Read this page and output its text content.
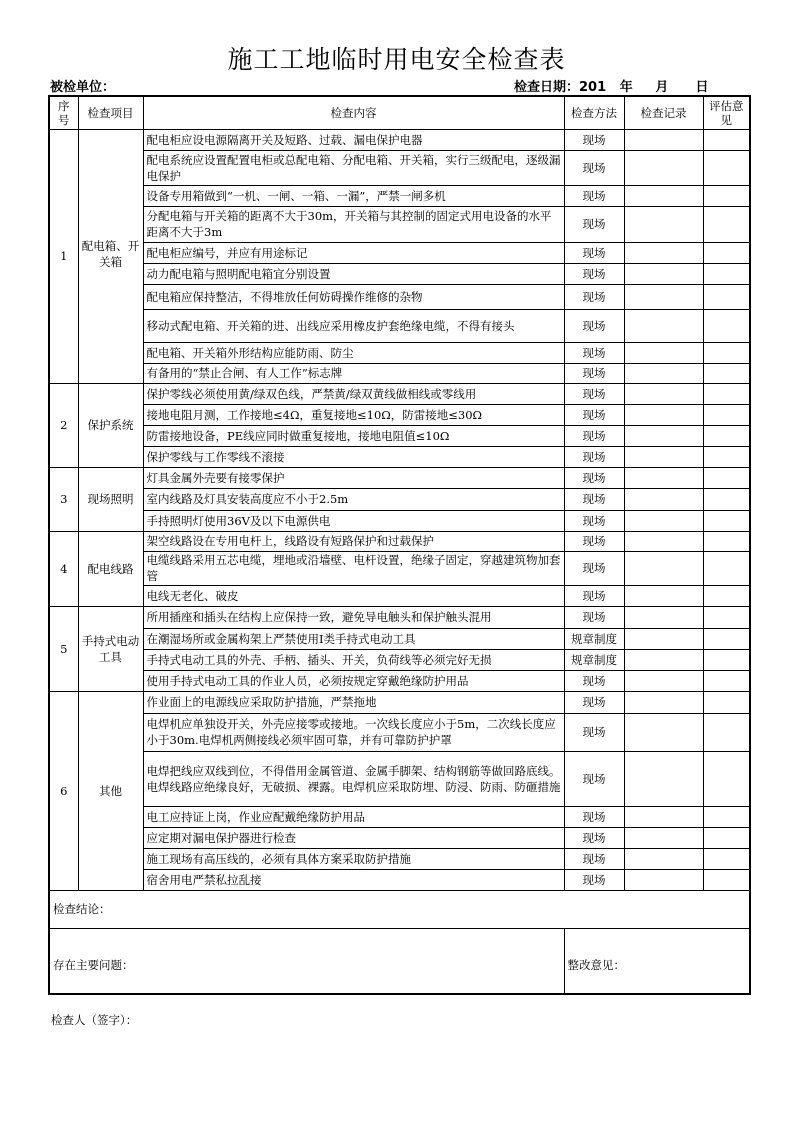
施工工地临时用电安全检查表
被检单位：	检查日期：201   年     月      日
序号	检查项目	检查内容	检查方法	检查记录	评估意见
1	配电箱、开关箱	配电柜应设电源隔离开关及短路、过载、漏电保护电器	现场		
		配电系统应设置配置电柜或总配电箱、分配电箱、开关箱，实行三级配电，逐级漏电保护	现场		
		设备专用箱做到“一机、一闸、一箱、一漏”，严禁一闸多机	现场		
		分配电箱与开关箱的距离不大于30m，开关箱与其控制的固定式用电设备的水平距离不大于3m	现场		
		配电柜应编号，并应有用途标记	现场		
		动力配电箱与照明配电箱宜分别设置	现场		
		配电箱应保持整洁，不得堆放任何妨碍操作维修的杂物	现场		
		移动式配电箱、开关箱的进、出线应采用橡皮护套绝缘电缆，不得有接头	现场		
		配电箱、开关箱外形结构应能防雨、防尘	现场		
		有备用的“禁止合闸、有人工作”标志牌	现场		
2	保护系统	保护零线必须使用黄/绿双色线，严禁黄/绿双黄线做相线或零线用	现场		
		接地电阻月测，工作接地≤4Ω，重复接地≤10Ω，防雷接地≤30Ω	现场		
		防雷接地设备，PE线应同时做重复接地，接地电阻值≤10Ω	现场		
		保护零线与工作零线不滚接	现场		
3	现场照明	灯具金属外壳要有接零保护	现场		
		室内线路及灯具安装高度应不小于2.5m	现场		
		手持照明灯使用36V及以下电源供电	现场		
4	配电线路	架空线路设在专用电杆上，线路设有短路保护和过载保护	现场		
		电缆线路采用五芯电缆，埋地或沿墙壁、电杆设置，绝缘子固定，穿越建筑物加套管	现场		
		电线无老化、破皮	现场		
5	手持式电动工具	所用插座和插头在结构上应保持一致，避免导电触头和保护触头混用	现场		
		在潮湿场所或金属构架上严禁使用I类手持式电动工具	规章制度		
		手持式电动工具的外壳、手柄、插头、开关，负荷线等必须完好无损	规章制度		
		使用手持式电动工具的作业人员，必须按规定穿戴绝缘防护用品	现场		
6	其他	作业面上的电源线应采取防护措施，严禁拖地	现场		
		电焊机应单独设开关，外壳应接零或接地。一次线长度应小于5m，二次线长度应小于30m.电焊机两侧接线必须牢固可靠，并有可靠防护护罩	现场		
		电焊把线应双线到位，不得借用金属管道、金属手脚架、结构钢筋等做回路底线。电焊线路应绝缘良好，无破损、裸露。电焊机应采取防埋、防浸、防雨、防砸措施	现场		
		电工应持证上岗，作业应配戴绝缘防护用品	现场		
		应定期对漏电保护器进行检查	现场		
		施工现场有高压线的，必须有具体方案采取防护措施	现场		
		宿舍用电严禁私拉乱接	现场		
检查结论：					
存在主要问题：			整改意见：		
检查人（签字）：
